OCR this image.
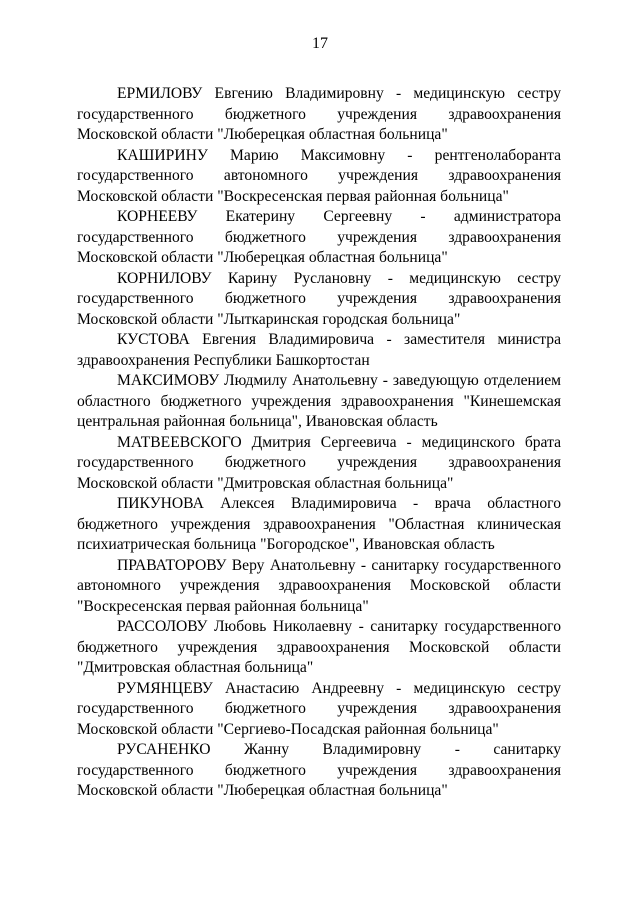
17

ЕРМИЛОВУ Евгению Владимировну - медицинскую сестру государственного бюджетного учреждения здравоохранения Московской области "Люберецкая областная больница"

КАШИРИНУ Марию Максимовну - рентгенолаборанта государственного автономного учреждения здравоохранения Московской области "Воскресенская первая районная больница"

КОРНЕЕВУ Екатерину Сергеевну - администратора государственного бюджетного учреждения здравоохранения Московской области "Люберецкая областная больница"

КОРНИЛОВУ Карину Руслановну - медицинскую сестру государственного бюджетного учреждения здравоохранения Московской области "Лыткаринская городская больница"

КУСТОВА Евгения Владимировича - заместителя министра здравоохранения Республики Башкортостан

МАКСИМОВУ Людмилу Анатольевну - заведующую отделением областного бюджетного учреждения здравоохранения "Кинешемская центральная районная больница", Ивановская область

МАТВЕЕВСКОГО Дмитрия Сергеевича - медицинского брата государственного бюджетного учреждения здравоохранения Московской области "Дмитровская областная больница"

ПИКУНОВА Алексея Владимировича - врача областного бюджетного учреждения здравоохранения "Областная клиническая психиатрическая больница "Богородское", Ивановская область

ПРАВАТОРОВУ Веру Анатольевну - санитарку государственного автономного учреждения здравоохранения Московской области "Воскресенская первая районная больница"

РАССОЛОВУ Любовь Николаевну - санитарку государственного бюджетного учреждения здравоохранения Московской области "Дмитровская областная больница"

РУМЯНЦЕВУ Анастасию Андреевну - медицинскую сестру государственного бюджетного учреждения здравоохранения Московской области "Сергиево-Посадская районная больница"

РУСАНЕНКО Жанну Владимировну - санитарку государственного бюджетного учреждения здравоохранения Московской области "Люберецкая областная больница"
